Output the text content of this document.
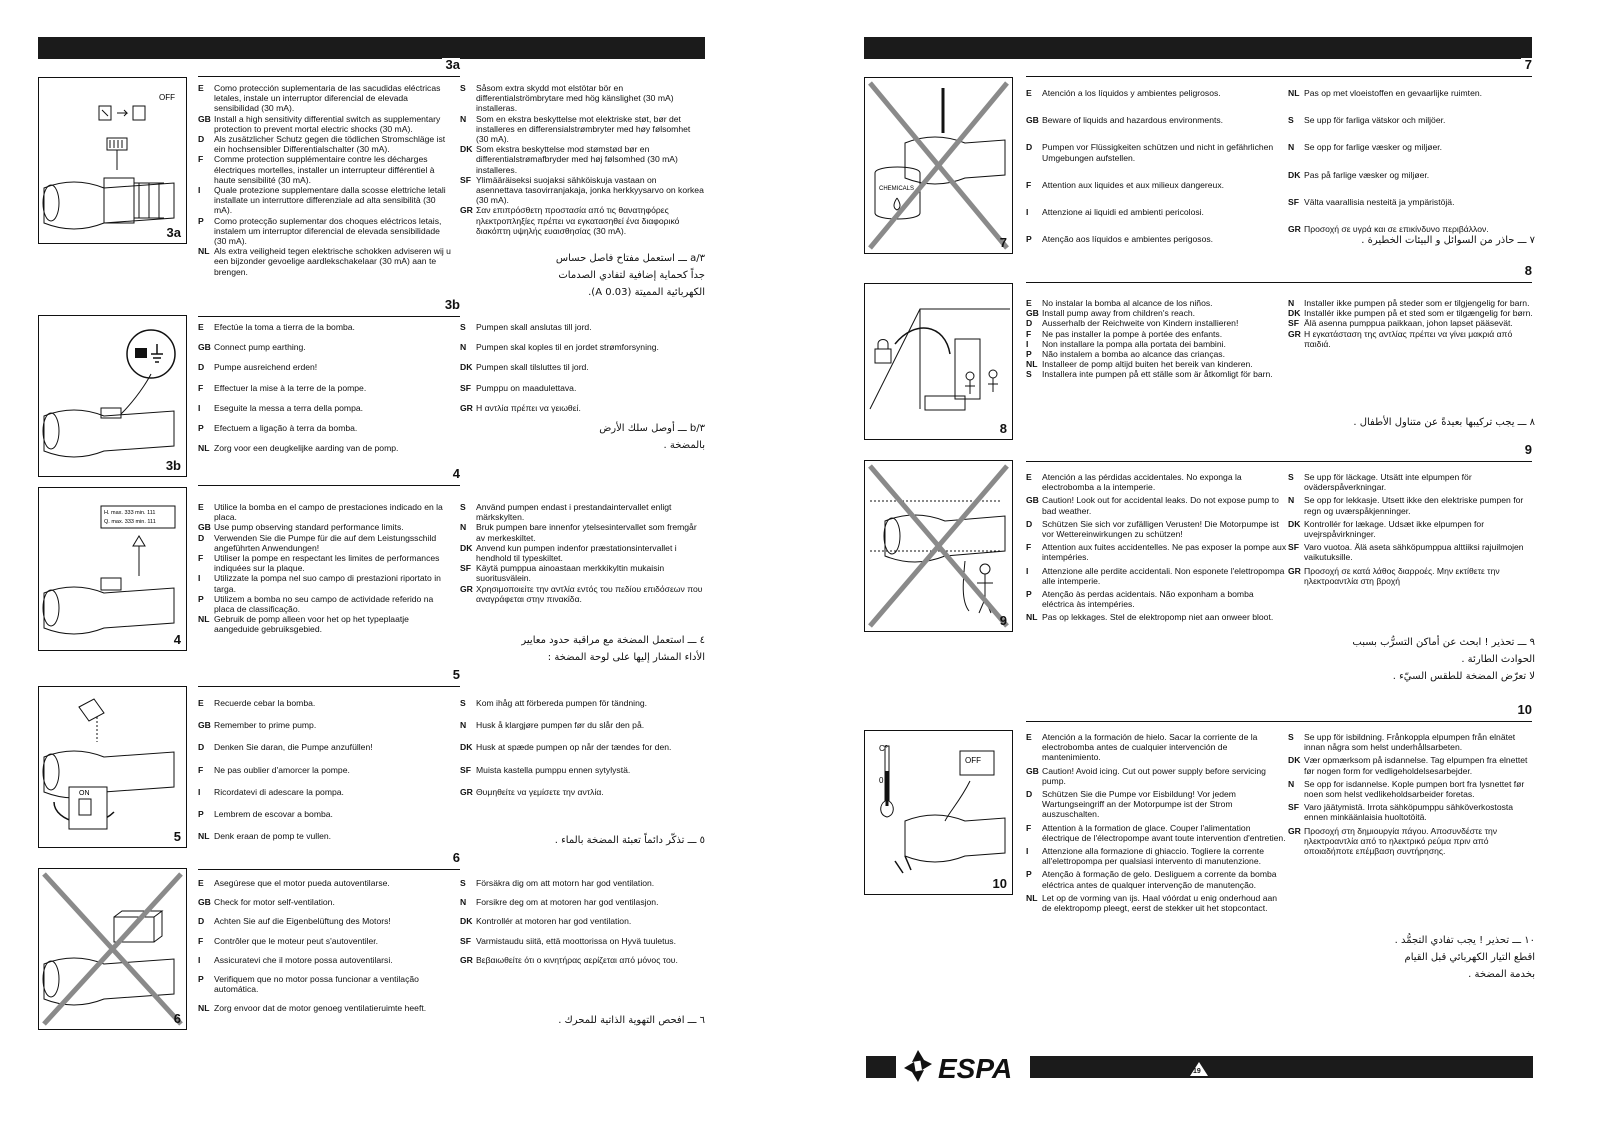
3a
OFF
3a
3b
3b
4
H. max. 333 min. 111
Q. max. 333 min. 111
4
5
ON
5
6
6
7
CHEMICALS
7
8
8
9
9
10
C°
0
OFF
10
E Como protección suplementaria de las sacudidas eléctricas letales, instale un interruptor diferencial de elevada sensibilidad (30 mA).
GB Install a high sensitivity differential switch as supplementary protection to prevent mortal electric shocks (30 mA).
D Als zusätzlicher Schutz gegen die tödlichen Stromschläge ist ein hochsensibler Differentialschalter (30 mA).
F Comme protection supplémentaire contre les décharges électriques mortelles, installer un interrupteur différentiel à haute sensibilité (30 mA).
I Quale protezione supplementare dalla scosse elettriche letali installate un interruttore differenziale ad alta sensibilità (30 mA).
P Como protecção suplementar dos choques eléctricos letais, instalem um interruptor diferencial de elevada sensibilidade (30 mA).
NL Als extra veiligheid tegen elektrische schokken adviseren wij u een bijzonder gevoelige aardlekschakelaar (30 mA) aan te brengen.
S Såsom extra skydd mot elstötar bör en differentialströmbrytare med hög känslighet (30 mA) installeras.
N Som en ekstra beskyttelse mot elektriske støt, bør det installeres en differensialstrømbryter med høy følsomhet (30 mA).
DK Som ekstra beskyttelse mod stømstød bør en differentialstrømafbryder med høj følsomhed (30 mA) installeres.
SF Ylimääräiseksi suojaksi sähköiskuja vastaan on asennettava tasovirranjakaja, jonka herkkyysarvo on korkea (30 mA).
GR Σαν επιπρόσθετη προστασία από τις θανατηφόρες ηλεκτροπληξίες πρέπει να εγκατασηθεί ένα διαφορικό διακόπτη υψηλής ευαισθησίας (30 mA).
٣/a ـــ استعمل مفتاح فاصل حساس
جداً كحماية إضافية لتفادي الصدمات
الكهربائية المميتة (0.03 A).
E Efectúe la toma a tierra de la bomba.
GB Connect pump earthing.
D Pumpe ausreichend erden!
F Effectuer la mise à la terre de la pompe.
I Eseguite la messa a terra della pompa.
P Efectuem a ligação à terra da bomba.
NL Zorg voor een deugkelijke aarding van de pomp.
S Pumpen skall anslutas till jord.
N Pumpen skal koples til en jordet strømforsyning.
DK Pumpen skall tilsluttes til jord.
SF Pumppu on maadulettava.
GR Η αντλία πρέπει να γειωθεί.
٣/b ـــ أوصل سلك الأرض
بالمضخة .
E Utilice la bomba en el campo de prestaciones indicado en la placa.
GB Use pump observing standard performance limits.
D Verwenden Sie die Pumpe für die auf dem Leistungsschild angeführten Anwendungen!
F Utiliser la pompe en respectant les limites de performances indiquées sur la plaque.
I Utilizzate la pompa nel suo campo di prestazioni riportato in targa.
P Utilizem a bomba no seu campo de actividade referido na placa de classificação.
NL Gebruik de pomp alleen voor het op het typeplaatje aangeduide gebruiksgebied.
S Använd pumpen endast i prestandaintervallet enligt märkskylten.
N Bruk pumpen bare innenfor ytelsesintervallet som fremgår av merkeskiltet.
DK Anvend kun pumpen indenfor præstationsintervallet i hendhold til typeskiltet.
SF Käytä pumppua ainoastaan merkkikyltin mukaisin suoritusvälein.
GR Χρησιμοποιείτε την αντλία εντός του πεδίου επιδόσεων που αναγράφεται στην πινακίδα.
٤ ـــ استعمل المضخة مع مراقبة حدود معايير
الأداء المشار إليها على لوحة المضخة :
E Recuerde cebar la bomba.
GB Remember to prime pump.
D Denken Sie daran, die Pumpe anzufüllen!
F Ne pas oublier d'amorcer la pompe.
I Ricordatevi di adescare la pompa.
P Lembrem de escovar a bomba.
NL Denk eraan de pomp te vullen.
S Kom ihåg att förbereda pumpen för tändning.
N Husk å klargjøre pumpen før du slår den på.
DK Husk at spæde pumpen op når der tændes for den.
SF Muista kastella pumppu ennen sytylystä.
GR Θυμηθείτε να γεμίσετε την αντλία.
٥ ـــ تذكّر دائماً تعبئة المضخة بالماء .
E Asegúrese que el motor pueda autoventilarse.
GB Check for motor self-ventilation.
D Achten Sie auf die Eigenbelüftung des Motors!
F Contrôler que le moteur peut s'autoventiler.
I Assicuratevi che il motore possa autoventilarsi.
P Verifiquem que no motor possa funcionar a ventilação automática.
NL Zorg envoor dat de motor genoeg ventilatieruimte heeft.
S Försäkra dig om att motorn har god ventilation.
N Forsikre deg om at motoren har god ventilasjon.
DK Kontrollér at motoren har god ventilation.
SF Varmistaudu siitä, että moottorissa on Hyvä tuuletus.
GR Βεβαιωθείτε ότι ο κινητήρας αερίζεται από μόνος του.
٦ ـــ افحص التهوية الذاتية للمحرك .
E Atención a los líquidos y ambientes peligrosos.
GB Beware of liquids and hazardous environments.
D Pumpen vor Flüssigkeiten schützen und nicht in gefährlichen Umgebungen aufstellen.
F Attention aux liquides et aux milieux dangereux.
I Attenzione ai liquidi ed ambienti pericolosi.
P Atenção aos líquidos e ambientes perigosos.
NL Pas op met vloeistoffen en gevaarlijke ruimten.
S Se upp för farliga vätskor och miljöer.
N Se opp for farlige væsker og miljøer.
DK Pas på farlige væsker og miljøer.
SF Välta vaarallisia nesteitä ja ympäristöjä.
GR Προσοχή σε υγρά και σε επικίνδυνο περιβάλλον.
٧ ـــ حاذر من السوائل و البيئات الخطيرة .
E No instalar la bomba al alcance de los niños.
GB Install pump away from children's reach.
D Ausserhalb der Reichweite von Kindern installieren!
F Ne pas installer la pompe à portée des enfants.
I Non installare la pompa alla portata dei bambini.
P Não instalem a bomba ao alcance das crianças.
NL Installeer de pomp altijd buiten het bereik van kinderen.
S Installera inte pumpen på ett ställe som är åtkomligt för barn.
N Installer ikke pumpen på steder som er tilgjengelig for barn.
DK Installér ikke pumpen på et sted som er tilgængelig for børn.
SF Älä asenna pumppua paikkaan, johon lapset pääsevät.
GR Η εγκατάσταση της αντλίας πρέπει να γίνει μακριά από παιδιά.
٨ ـــ يجب تركيبها بعيدةً عن متناول الأطفال .
E Atención a las pérdidas accidentales. No exponga la electrobomba a la intemperie.
GB Caution! Look out for accidental leaks. Do not expose pump to bad weather.
D Schützen Sie sich vor zufälligen Verusten! Die Motorpumpe ist vor Wettereinwirkungen zu schützen!
F Attention aux fuites accidentelles. Ne pas exposer la pompe aux intempéries.
I Attenzione alle perdite accidentali. Non esponete l'elettropompa alle intemperie.
P Atenção às perdas acidentais. Não exponham a bomba eléctrica às intempéries.
NL Pas op lekkages. Stel de elektropomp niet aan onweer bloot.
S Se upp för läckage. Utsätt inte elpumpen för oväderspåverkningar.
N Se opp for lekkasje. Utsett ikke den elektriske pumpen for regn og uværspåkjenninger.
DK Kontrollér for lækage. Udsæt ikke elpumpen for uvejrspåvirkninger.
SF Varo vuotoa. Älä aseta sähköpumppua alttiiksi rajuilmojen vaikutuksille.
GR Προσοχή σε κατά λάθος διαρροές. Μην εκτίθετε την ηλεκτροαντλία στη βροχή
٩ ـــ تحذير ! ابحث عن أماكن التسرُّب بسبب
الحوادث الطارئة .
لا تعرّض المضخة للطقس السيّء .
E Atención a la formación de hielo. Sacar la corriente de la electrobomba antes de cualquier intervención de mantenimiento.
GB Caution! Avoid icing. Cut out power supply before servicing pump.
D Schützen Sie die Pumpe vor Eisbildung! Vor jedem Wartungseingriff an der Motorpumpe ist der Strom auszuschalten.
F Attention à la formation de glace. Couper l'alimentation électrique de l'électropompe avant toute intervention d'entretien.
I Attenzione alla formazione di ghiaccio. Togliere la corrente all'elettropompa per qualsiasi intervento di manutenzione.
P Atenção à formação de gelo. Desliguem a corrente da bomba eléctrica antes de qualquer intervenção de manutenção.
NL Let op de vorming van ijs. Haal vóórdat u enig onderhoud aan de elektropomp pleegt, eerst de stekker uit het stopcontact.
S Se upp för isbildning. Frånkoppla elpumpen från elnätet innan några som helst underhållsarbeten.
DK Vær opmærksom på isdannelse. Tag elpumpen fra elnettet før nogen form for vedligeholdelsesarbejder.
N Se opp for isdannelse. Kople pumpen bort fra lysnettet før noen som helst vedlikeholdsarbeider foretas.
SF Varo jäätymistä. Irrota sähköpumppu sähköverkostosta ennen minkäänlaisia huoltotöitä.
GR Προσοχή στη δημιουργία πάγου. Αποσυνδέστε την ηλεκτροαντλία από το ηλεκτρικό ρεύμα πριν από οποιαδήποτε επέμβαση συντήρησης.
١٠ ـــ تحذير ! يجب تفادي التجمُّد .
اقطع التيار الكهربائي قبل القيام
بخدمة المضخة .
ESPA	19
